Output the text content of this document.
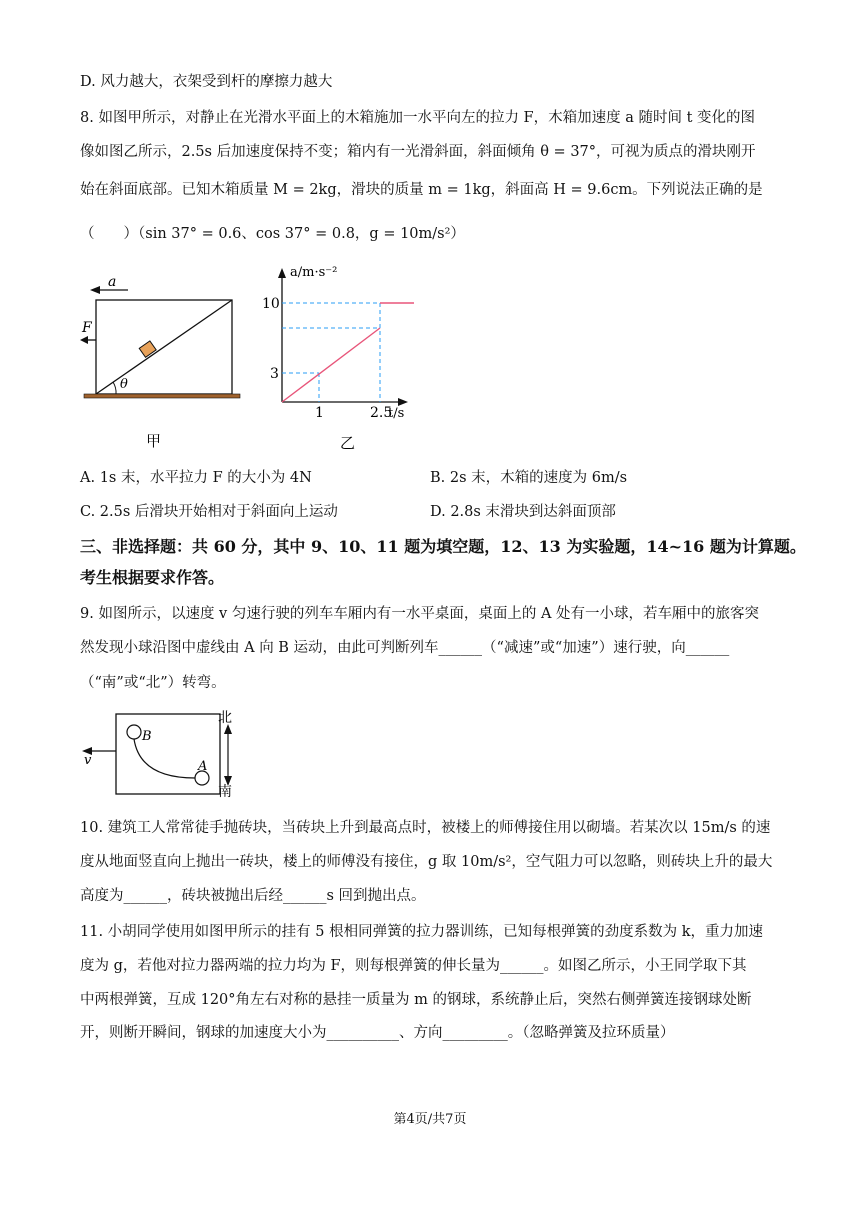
D. 风力越大，衣架受到杆的摩擦力越大
8. 如图甲所示，对静止在光滑水平面上的木箱施加一水平向左的拉力 F，木箱加速度 a 随时间 t 变化的图
像如图乙所示，2.5s 后加速度保持不变；箱内有一光滑斜面，斜面倾角 θ = 37°，可视为质点的滑块刚开
始在斜面底部。已知木箱质量 M = 2kg，滑块的质量 m = 1kg，斜面高 H = 9.6cm。下列说法正确的是
（　　）（sin 37° = 0.6、cos 37° = 0.8，g = 10m/s²）
a
F
θ
甲
a/m·s⁻²
t/s
10
3
1	2.5
乙
A. 1s 末，水平拉力 F 的大小为 4N	B. 2s 末，木箱的速度为 6m/s
C. 2.5s 后滑块开始相对于斜面向上运动	D. 2.8s 末滑块到达斜面顶部
三、非选择题：共 60 分，其中 9、10、11 题为填空题，12、13 为实验题，14~16 题为计算题。
考生根据要求作答。
9. 如图所示，以速度 v 匀速行驶的列车车厢内有一水平桌面，桌面上的 A 处有一小球，若车厢中的旅客突
然发现小球沿图中虚线由 A 向 B 运动，由此可判断列车______（“减速”或“加速”）速行驶，向______
（“南”或“北”）转弯。
v
B
A
北
南
10. 建筑工人常常徒手抛砖块，当砖块上升到最高点时，被楼上的师傅接住用以砌墙。若某次以 15m/s 的速
度从地面竖直向上抛出一砖块，楼上的师傅没有接住，g 取 10m/s²，空气阻力可以忽略，则砖块上升的最大
高度为______，砖块被抛出后经______s 回到抛出点。
11. 小胡同学使用如图甲所示的挂有 5 根相同弹簧的拉力器训练，已知每根弹簧的劲度系数为 k，重力加速
度为 g，若他对拉力器两端的拉力均为 F，则每根弹簧的伸长量为______。如图乙所示，小王同学取下其
中两根弹簧，互成 120°角左右对称的悬挂一质量为 m 的钢球，系统静止后，突然右侧弹簧连接钢球处断
开，则断开瞬间，钢球的加速度大小为__________、方向_________。（忽略弹簧及拉环质量）
第4页/共7页
